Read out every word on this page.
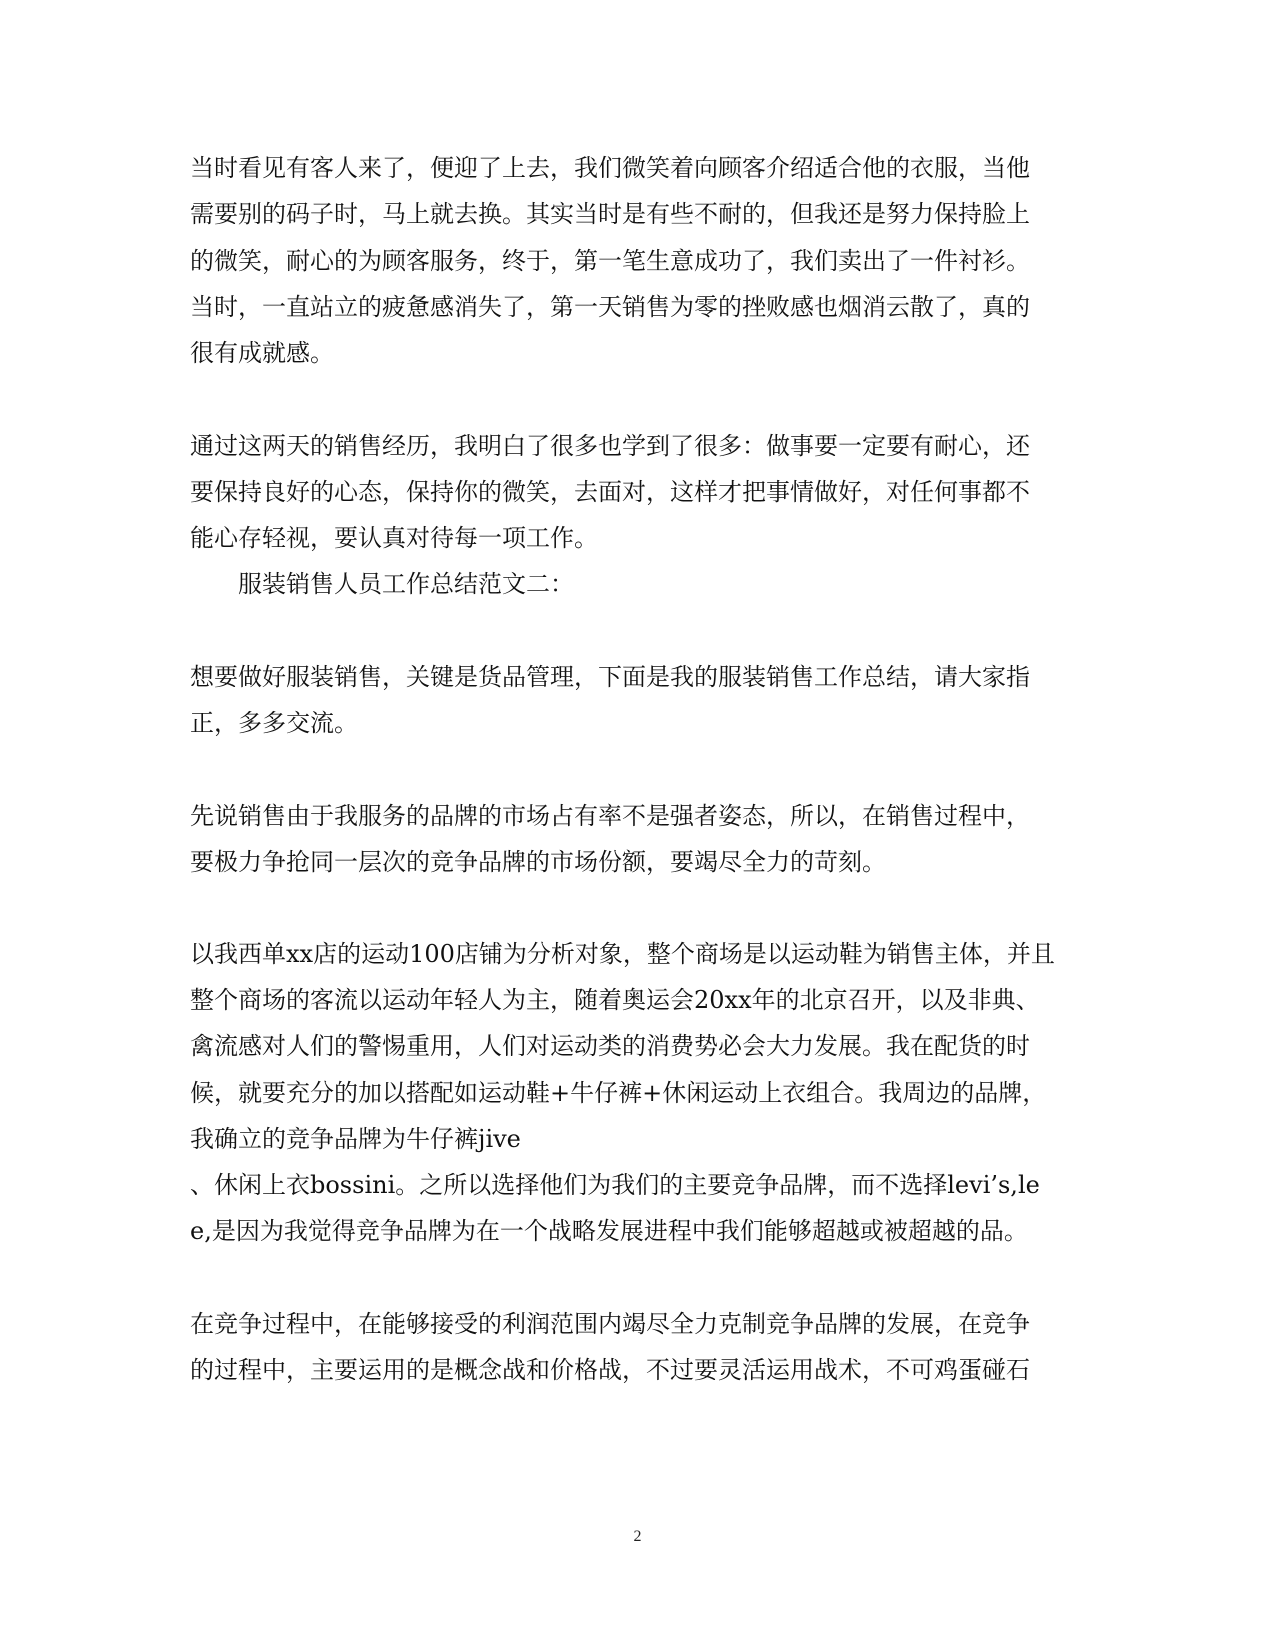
当时看见有客人来了，便迎了上去，我们微笑着向顾客介绍适合他的衣服，当他
需要别的码子时，马上就去换。其实当时是有些不耐的，但我还是努力保持脸上
的微笑，耐心的为顾客服务，终于，第一笔生意成功了，我们卖出了一件衬衫。
当时，一直站立的疲惫感消失了，第一天销售为零的挫败感也烟消云散了，真的
很有成就感。
通过这两天的销售经历，我明白了很多也学到了很多：做事要一定要有耐心，还
要保持良好的心态，保持你的微笑，去面对，这样才把事情做好，对任何事都不
能心存轻视，要认真对待每一项工作。
服装销售人员工作总结范文二：
想要做好服装销售，关键是货品管理，下面是我的服装销售工作总结，请大家指
正，多多交流。
先说销售由于我服务的品牌的市场占有率不是强者姿态，所以，在销售过程中，
要极力争抢同一层次的竞争品牌的市场份额，要竭尽全力的苛刻。
以我西单xx店的运动100店铺为分析对象，整个商场是以运动鞋为销售主体，并且
整个商场的客流以运动年轻人为主，随着奥运会20xx年的北京召开，以及非典、
禽流感对人们的警惕重用，人们对运动类的消费势必会大力发展。我在配货的时
候，就要充分的加以搭配如运动鞋+牛仔裤+休闲运动上衣组合。我周边的品牌，
我确立的竞争品牌为牛仔裤jive
、休闲上衣bossini。之所以选择他们为我们的主要竞争品牌，而不选择levi’s,le
e,是因为我觉得竞争品牌为在一个战略发展进程中我们能够超越或被超越的品。
在竞争过程中，在能够接受的利润范围内竭尽全力克制竞争品牌的发展，在竞争
的过程中，主要运用的是概念战和价格战，不过要灵活运用战术，不可鸡蛋碰石
2
